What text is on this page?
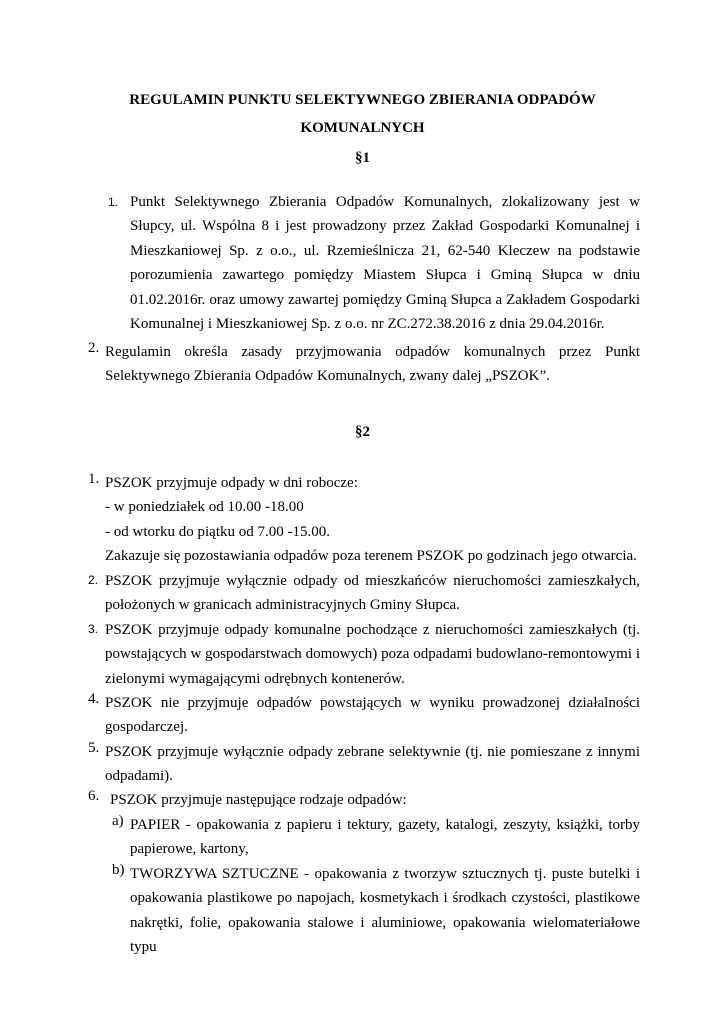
REGULAMIN PUNKTU SELEKTYWNEGO ZBIERANIA ODPADÓW KOMUNALNYCH
§1
1. Punkt Selektywnego Zbierania Odpadów Komunalnych, zlokalizowany jest w Słupcy, ul. Wspólna 8 i jest prowadzony przez Zakład Gospodarki Komunalnej i Mieszkaniowej Sp. z o.o., ul. Rzemieślnicza 21, 62-540 Kleczew na podstawie porozumienia zawartego pomiędzy Miastem Słupca i Gminą Słupca w dniu 01.02.2016r. oraz umowy zawartej pomiędzy Gminą Słupca a Zakładem Gospodarki Komunalnej i Mieszkaniowej Sp. z o.o. nr ZC.272.38.2016 z dnia 29.04.2016r.
2. Regulamin określa zasady przyjmowania odpadów komunalnych przez Punkt Selektywnego Zbierania Odpadów Komunalnych, zwany dalej „PSZOK”.
§2
1. PSZOK przyjmuje odpady w dni robocze:
- w poniedziałek od 10.00 -18.00
- od wtorku do piątku od 7.00 -15.00.
Zakazuje się pozostawiania odpadów poza terenem PSZOK po godzinach jego otwarcia.
2. PSZOK przyjmuje wyłącznie odpady od mieszkańców nieruchomości zamieszkałych, położonych w granicach administracyjnych Gminy Słupca.
3. PSZOK przyjmuje odpady komunalne pochodzące z nieruchomości zamieszkałych (tj. powstających w gospodarstwach domowych) poza odpadami budowlano-remontowymi i zielonymi wymagającymi odrębnych kontenerów.
4. PSZOK nie przyjmuje odpadów powstających w wyniku prowadzonej działalności gospodarczej.
5. PSZOK przyjmuje wyłącznie odpady zebrane selektywnie (tj. nie pomieszane z innymi odpadami).
6. PSZOK przyjmuje następujące rodzaje odpadów:
a) PAPIER - opakowania z papieru i tektury, gazety, katalogi, zeszyty, książki, torby papierowe, kartony,
b) TWORZYWA SZTUCZNE - opakowania z tworzyw sztucznych tj. puste butelki i opakowania plastikowe po napojach, kosmetykach i środkach czystości, plastikowe nakrętki, folie, opakowania stalowe i aluminiowe, opakowania wielomateriałowe typu
